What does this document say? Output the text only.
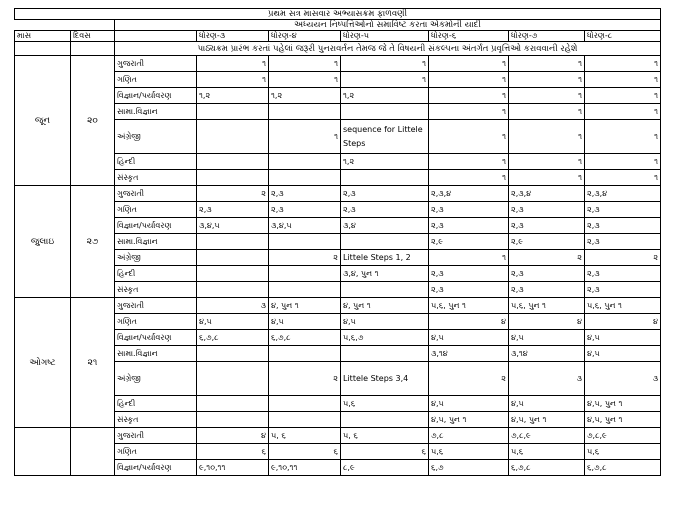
પ્રથમ સત્ર માસવાર અભ્યાસક્રમ ફાળવણી								
		અધ્યયન નિષ્પત્તિઓનો સમાવિષ્ટ કરતા એકમોની યાદી						
માસ	દિવસ		ધોરણ-૩	ધોરણ-૪	ધોરણ-૫	ધોરણ-૬	ધોરણ-૭	ધોરણ-૮
		પાઠ્યક્રમ પ્રારંભ કરતાં પહેલાં જરૂરી પુનરાવર્તન તેમજ જે તે વિષયની સંકલ્પના અંતર્ગત પ્રવૃત્તિઓ કરાવવાની રહેશે						
જૂન	૨૦	ગુજરાતી	૧	૧	૧	૧	૧	૧
		ગણિત	૧	૧	૧	૧	૧	૧
		વિજ્ઞાન/પર્યાવરણ	૧,૨	૧,૨	૧,૨	૧	૧	૧
		સામા.વિજ્ઞાન				૧	૧	૧
		અંગ્રેજી		૧	sequence for Littele Steps	૧	૧	૧
		હિન્દી			૧,૨	૧	૧	૧
		સંસ્કૃત				૧	૧	૧
જુલાઇ	૨૭	ગુજરાતી	૨	૨,૩	૨,૩	૨,૩,૪	૨,૩,૪	૨,૩,૪
		ગણિત	૨,૩	૨,૩	૨,૩	૨,૩	૨,૩	૨,૩
		વિજ્ઞાન/પર્યાવરણ	૩,૪,૫	૩,૪,૫	૩,૪	૨,૩	૨,૩	૨,૩
		સામા.વિજ્ઞાન				૨,૯	૨,૯	૨,૩
		અંગ્રેજી		૨	Littele Steps 1, 2	૧	૨	૨
		હિન્દી			૩,૪, પુન ૧	૨,૩	૨,૩	૨,૩
		સંસ્કૃત				૨,૩	૨,૩	૨,૩
ઓગષ્ટ	૨૧	ગુજરાતી	૩	૪, પુન ૧	૪, પુન ૧	૫,૬, પુન ૧	૫,૬, પુન ૧	૫,૬, પુન ૧
		ગણિત	૪,૫	૪,૫	૪,૫	૪	૪	૪
		વિજ્ઞાન/પર્યાવરણ	૬,૭,૮	૬,૭,૮	૫,૬,૭	૪,૫	૪,૫	૪,૫
		સામા.વિજ્ઞાન				૩,૧૪	૩,૧૪	૪,૫
		અંગ્રેજી		૨	Littele Steps 3,4	૨	૩	૩
		હિન્દી			૫,૬	૪,૫	૪,૫	૪,૫, પુન ૧
		સંસ્કૃત				૪,૫, પુન ૧	૪,૫, પુન ૧	૪,૫, પુન ૧
		ગુજરાતી	૪	૫, ૬	૫, ૬	૭,૮	૭,૮,૯	૭,૮,૯
		ગણિત	૬	૬	૬	૫,૬	૫,૬	૫,૬
		વિજ્ઞાન/પર્યાવરણ	૯,૧૦,૧૧	૯,૧૦,૧૧	૮,૯	૬,૭	૬,૭,૮	૬,૭,૮
